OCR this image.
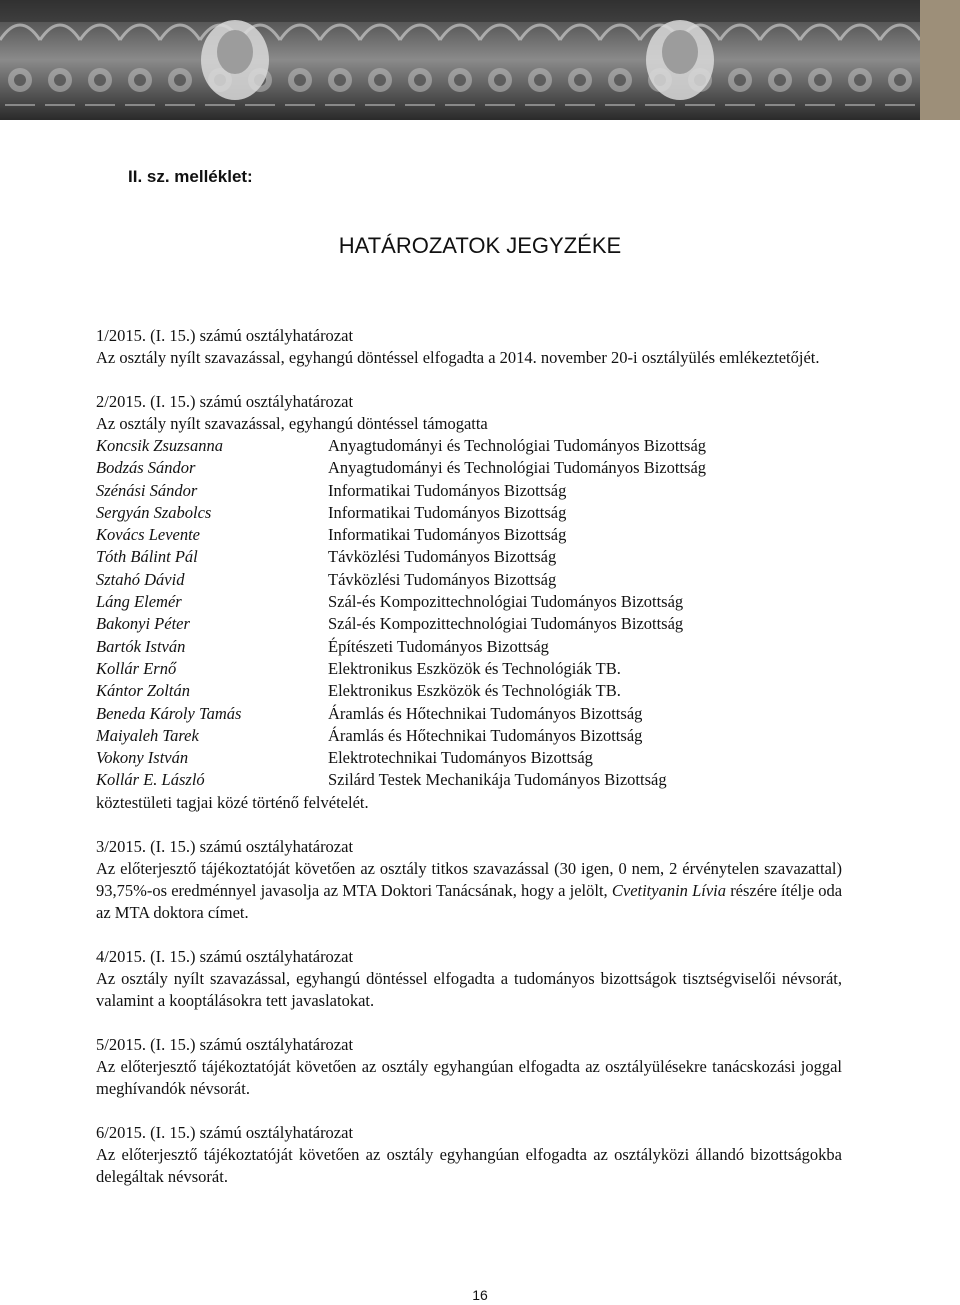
II. sz. melléklet:
HATÁROZATOK JEGYZÉKE
1/2015. (I. 15.) számú osztályhatározat
Az osztály nyílt szavazással, egyhangú döntéssel elfogadta a 2014. november 20-i osztályülés emlékeztetőjét.
2/2015. (I. 15.) számú osztályhatározat
Az osztály nyílt szavazással, egyhangú döntéssel támogatta
Koncsik Zsuzsanna	Anyagtudományi és Technológiai Tudományos Bizottság
Bodzás Sándor	Anyagtudományi és Technológiai Tudományos Bizottság
Szénási Sándor	Informatikai Tudományos Bizottság
Sergyán Szabolcs	Informatikai Tudományos Bizottság
Kovács Levente	Informatikai Tudományos Bizottság
Tóth Bálint Pál	Távközlési Tudományos Bizottság
Sztahó Dávid	Távközlési Tudományos Bizottság
Láng Elemér	Szál-és Kompozittechnológiai Tudományos Bizottság
Bakonyi Péter	Szál-és Kompozittechnológiai Tudományos Bizottság
Bartók István	Építészeti Tudományos Bizottság
Kollár Ernő	Elektronikus Eszközök és Technológiák TB.
Kántor Zoltán	Elektronikus Eszközök és Technológiák TB.
Beneda Károly Tamás	Áramlás és Hőtechnikai Tudományos Bizottság
Maiyaleh Tarek	Áramlás és Hőtechnikai Tudományos Bizottság
Vokony István	Elektrotechnikai Tudományos Bizottság
Kollár E. László	Szilárd Testek Mechanikája Tudományos Bizottság
köztestületi tagjai közé történő felvételét.
3/2015. (I. 15.) számú osztályhatározat
Az előterjesztő tájékoztatóját követően az osztály titkos szavazással (30 igen, 0 nem, 2 érvénytelen szavazattal) 93,75%-os eredménnyel javasolja az MTA Doktori Tanácsának, hogy a jelölt, Cvetityanin Lívia részére ítélje oda az MTA doktora címet.
4/2015. (I. 15.) számú osztályhatározat
Az osztály nyílt szavazással, egyhangú döntéssel elfogadta a tudományos bizottságok tisztségviselői névsorát, valamint a kooptálásokra tett javaslatokat.
5/2015. (I. 15.) számú osztályhatározat
Az előterjesztő tájékoztatóját követően az osztály egyhangúan elfogadta az osztályülésekre tanácskozási joggal meghívandók névsorát.
6/2015. (I. 15.) számú osztályhatározat
Az előterjesztő tájékoztatóját követően az osztály egyhangúan elfogadta az osztályközi állandó bizottságokba delegáltak névsorát.
16
